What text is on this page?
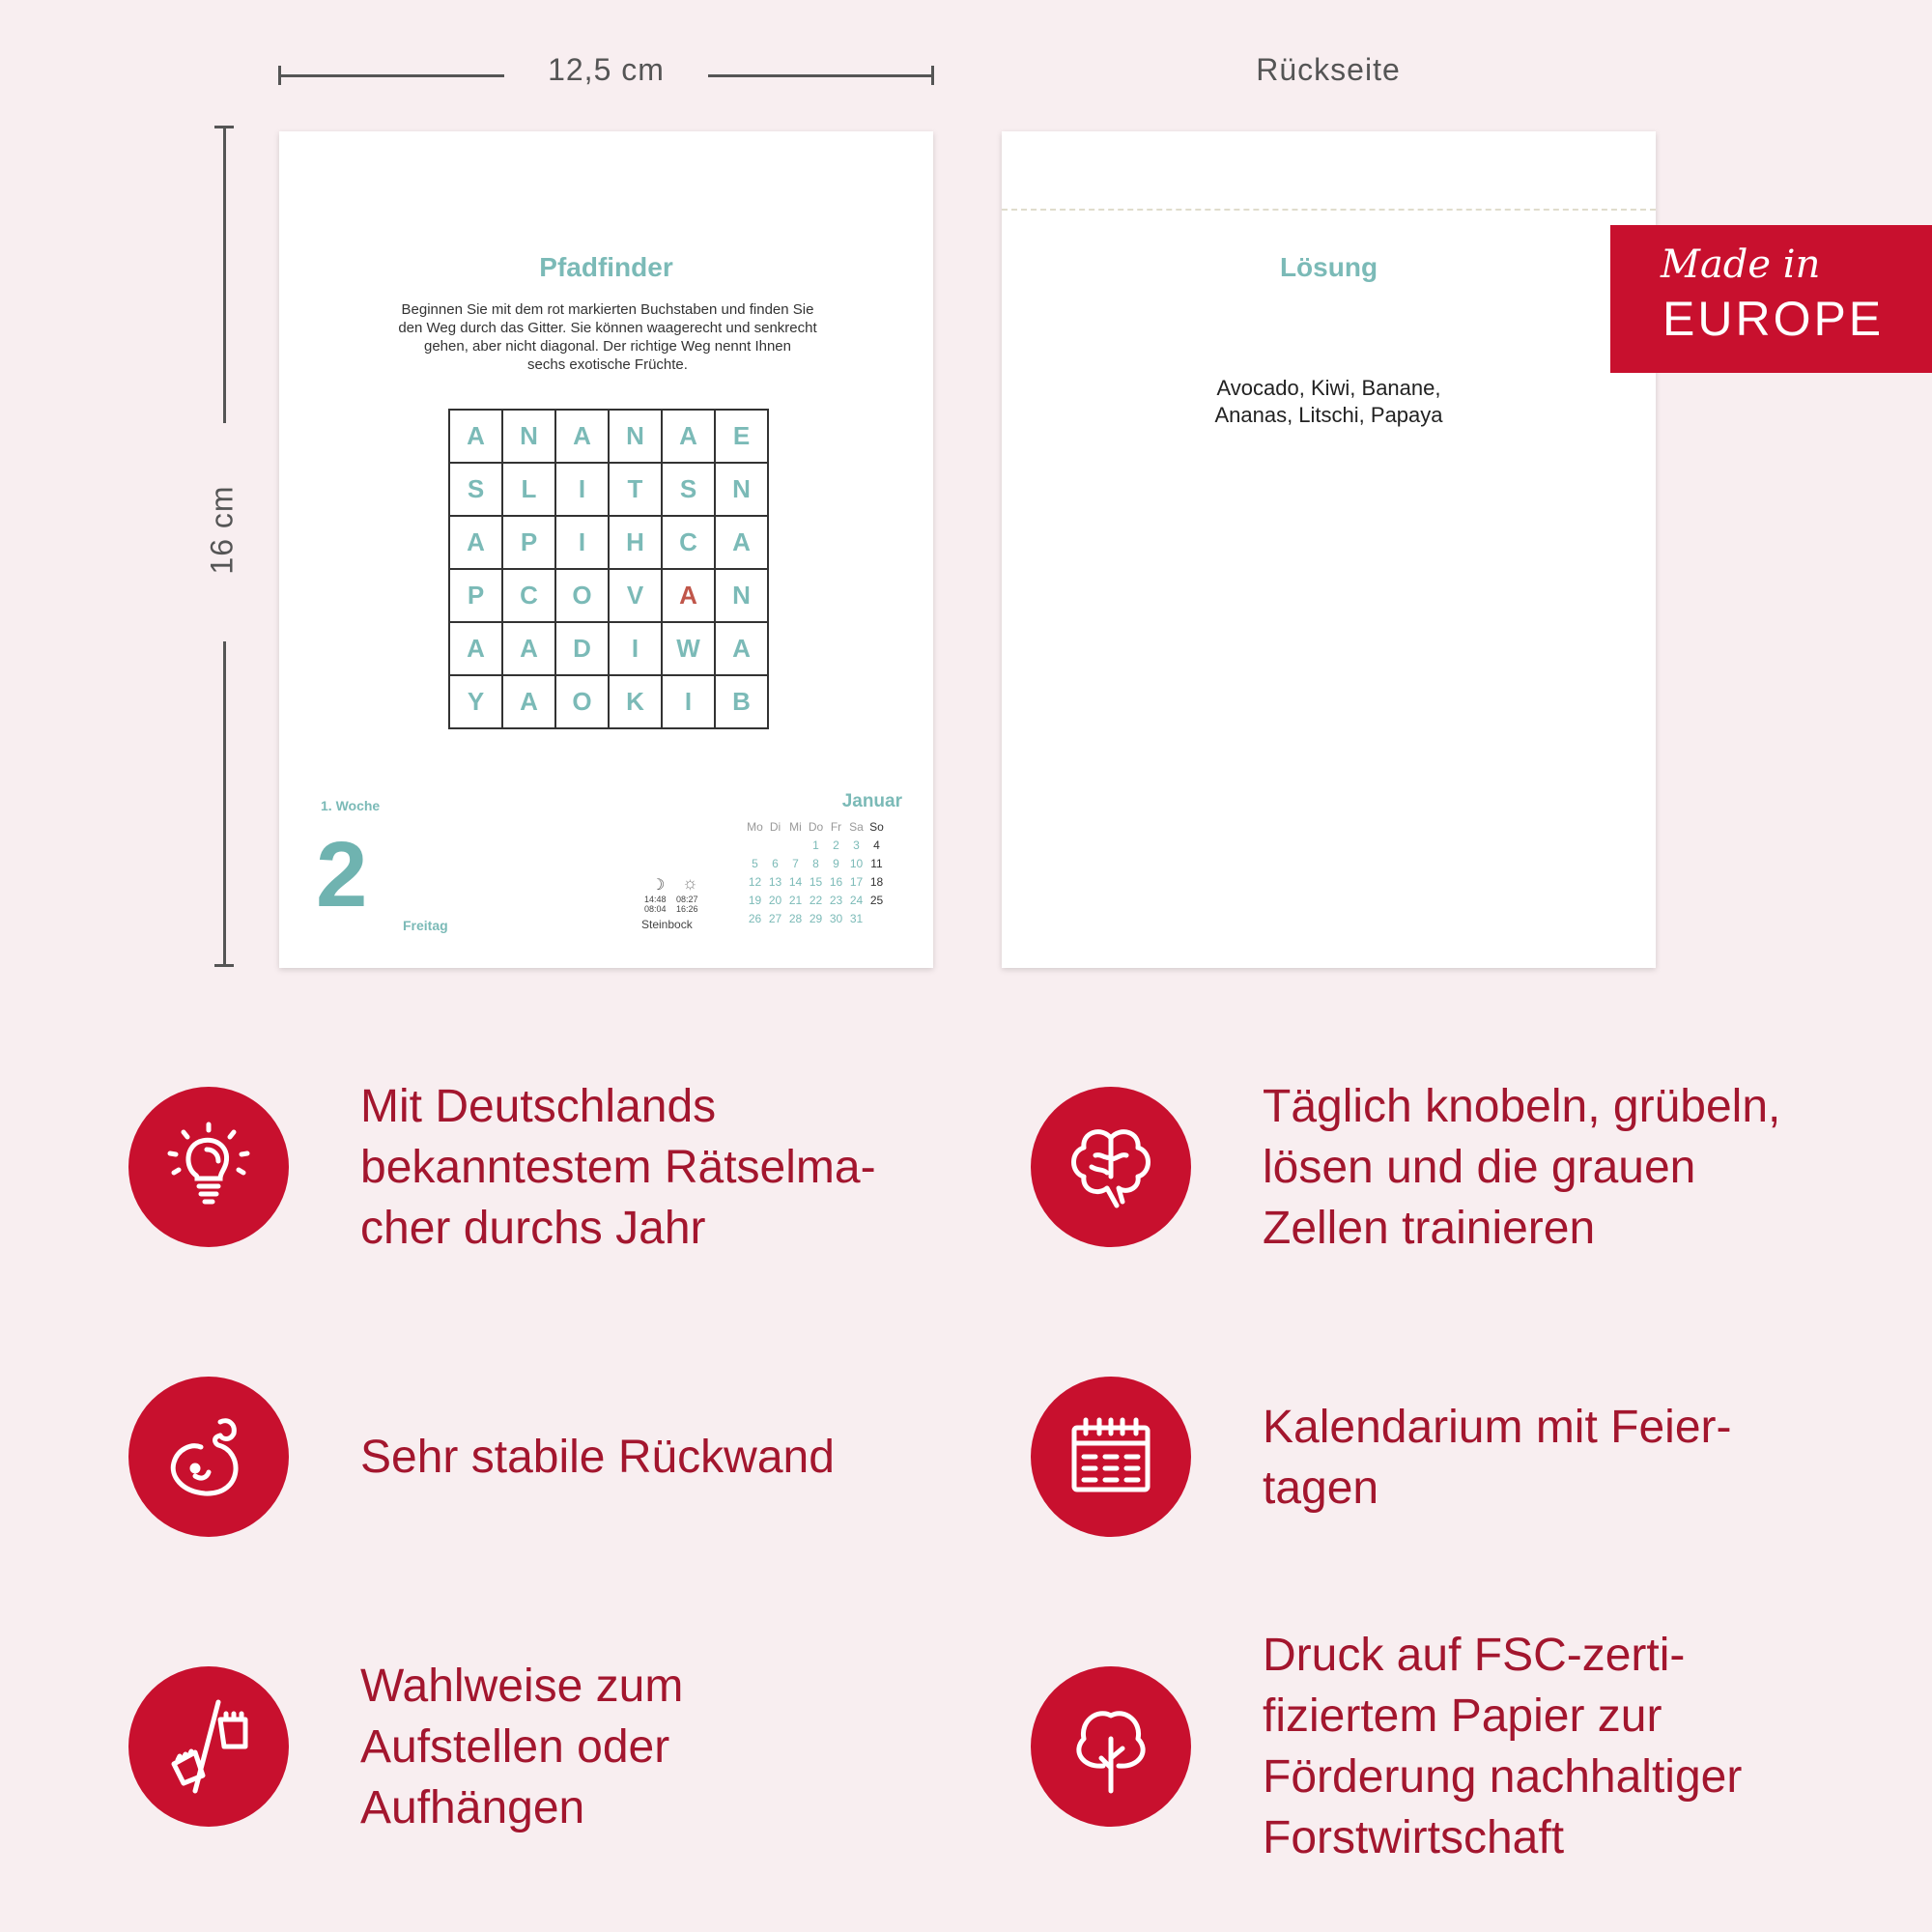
12,5 cm	Rückseite
16 cm
Pfadfinder
Beginnen Sie mit dem rot markierten Buchstaben und finden Sie
den Weg durch das Gitter. Sie können waagerecht und senkrecht
gehen, aber nicht diagonal. Der richtige Weg nennt Ihnen
sechs exotische Früchte.
A	N	A	N	A	E
S	L	I	T	S	N
A	P	I	H	C	A
P	C	O	V	A	N
A	A	D	I	W	A
Y	A	O	K	I	B
1. Woche
2	Freitag
☽ ☼
14:48
08:04
08:27
16:26
Steinbock
Januar
Mo	Di	Mi	Do	Fr	Sa	So
			1	2	3	4
5	6	7	8	9	10	11
12	13	14	15	16	17	18
19	20	21	22	23	24	25
26	27	28	29	30	31	
Lösung
Avocado, Kiwi, Banane,
Ananas, Litschi, Papaya
Made in
EUROPE
Mit Deutschlands
bekanntestem Rätselma-
cher durchs Jahr
Täglich knobeln, grübeln,
lösen und die grauen
Zellen trainieren
Sehr stabile Rückwand
Kalendarium mit Feier-
tagen
Wahlweise zum
Aufstellen oder
Aufhängen
Druck auf FSC-zerti-
fiziertem Papier zur
Förderung nachhaltiger
Forstwirtschaft
